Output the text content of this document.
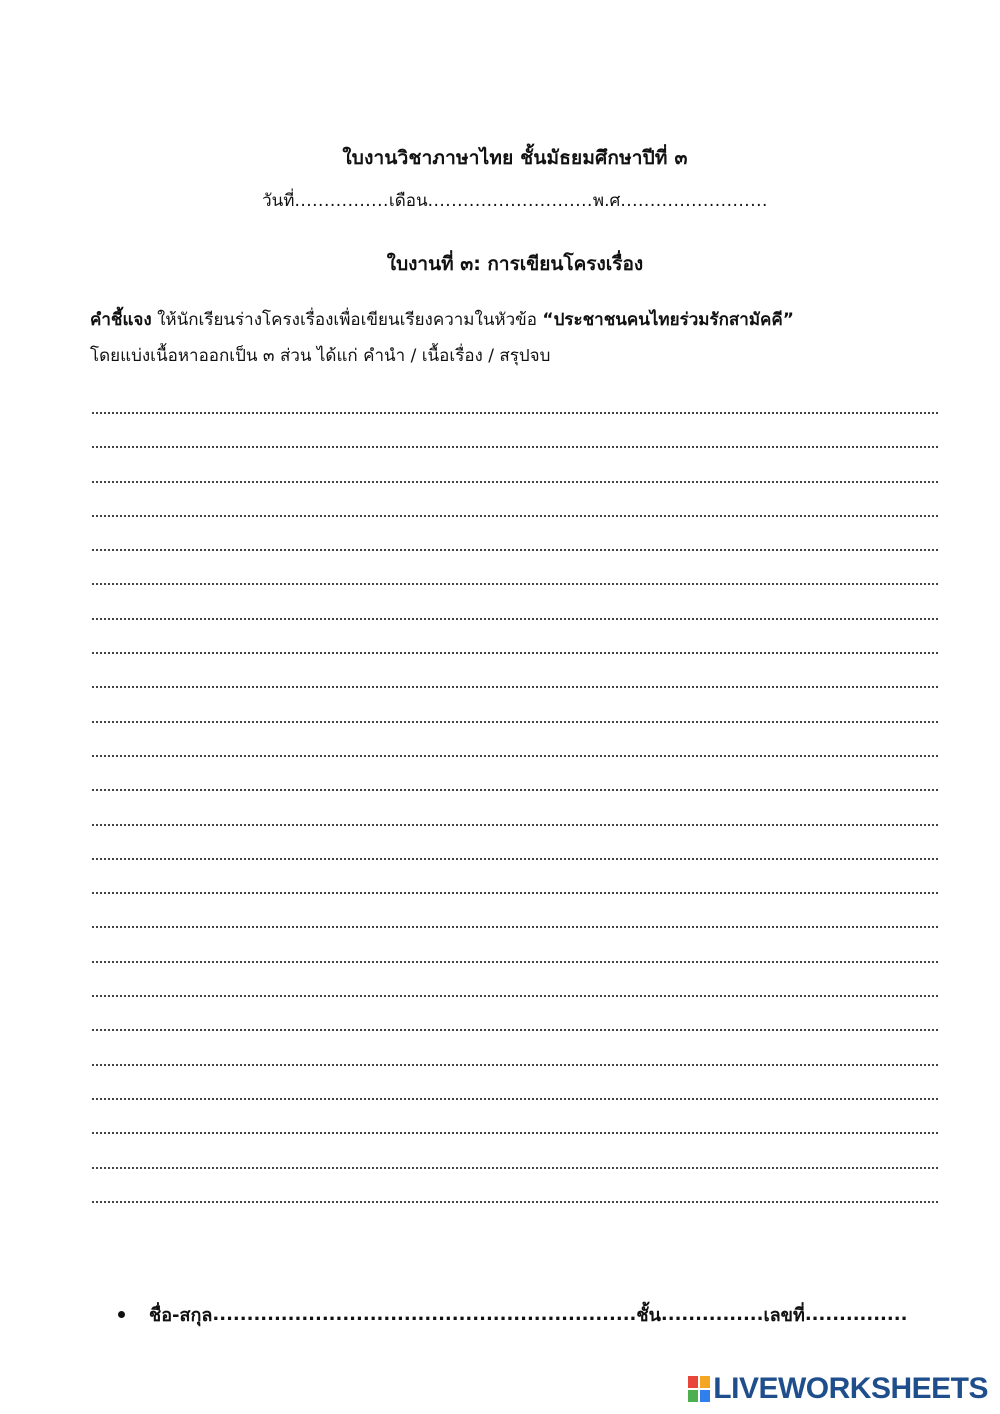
ใบงานวิชาภาษาไทย ชั้นมัธยมศึกษาปีที่ ๓
วันที่................เดือน............................พ.ศ.........................
ใบงานที่ ๓: การเขียนโครงเรื่อง
คำชี้แจง ให้นักเรียนร่างโครงเรื่องเพื่อเขียนเรียงความในหัวข้อ “ประชาชนคนไทยร่วมรักสามัคคี”
โดยแบ่งเนื้อหาออกเป็น ๓ ส่วน ได้แก่ คำนำ / เนื้อเรื่อง / สรุปจบ
ชื่อ-สกุล .............................................................. ชั้น ............... เลขที่ ...............
LIVEWORKSHEETS
